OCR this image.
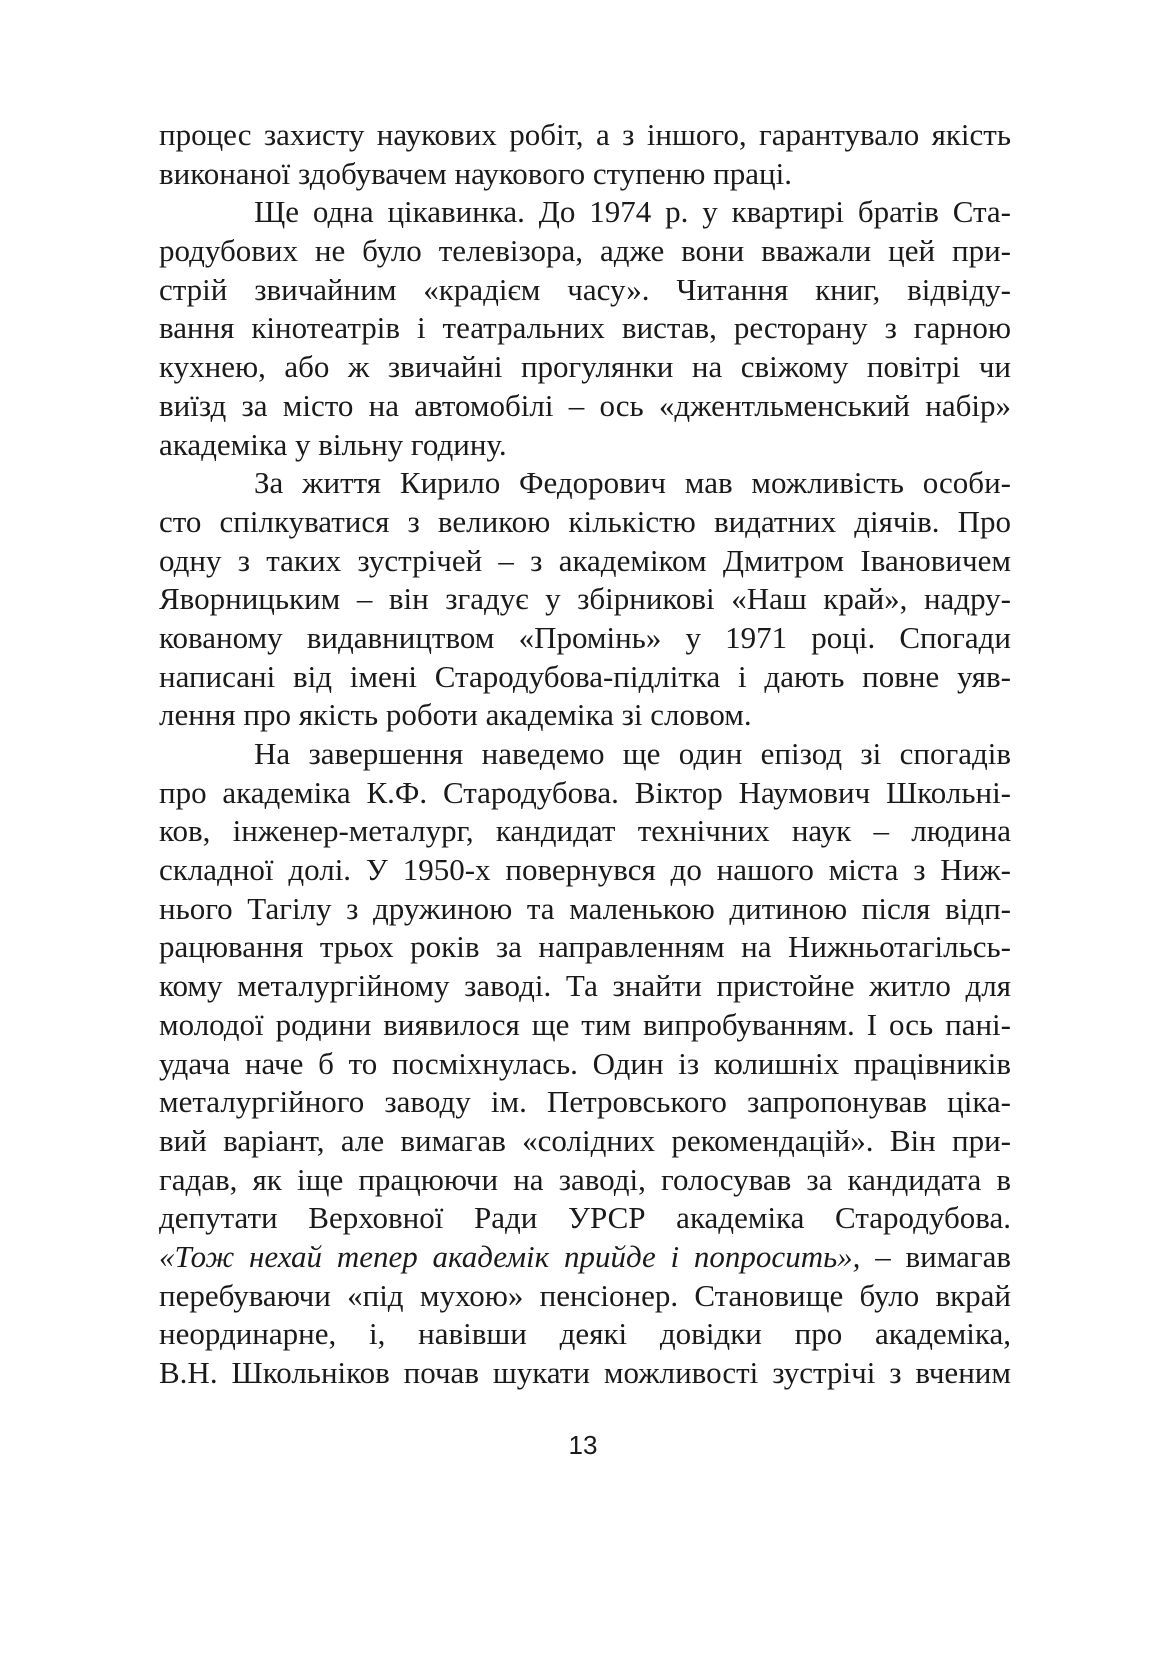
процес захисту наукових робіт, а з іншого, гарантувало якість
виконаної здобувачем наукового ступеню праці.
Ще одна цікавинка. До 1974 р. у квартирі братів Ста-
родубових не було телевізора, адже вони вважали цей при-
стрій звичайним «крадієм часу». Читання книг, відвіду-
вання кінотеатрів і театральних вистав, ресторану з гарною
кухнею, або ж звичайні прогулянки на свіжому повітрі чи
виїзд за місто на автомобілі – ось «джентльменський набір»
академіка у вільну годину.
За життя Кирило Федорович мав можливість особи-
сто спілкуватися з великою кількістю видатних діячів. Про
одну з таких зустрічей – з академіком Дмитром Івановичем
Яворницьким – він згадує у збірникові «Наш край», надру-
кованому видавництвом «Промінь» у 1971 році. Спогади
написані від імені Стародубова-підлітка і дають повне уяв-
лення про якість роботи академіка зі словом.
На завершення наведемо ще один епізод зі спогадів
про академіка К.Ф. Стародубова. Віктор Наумович Школьні-
ков, інженер-металург, кандидат технічних наук – людина
складної долі. У 1950-х повернувся до нашого міста з Ниж-
нього Тагілу з дружиною та маленькою дитиною після відп-
рацювання трьох років за направленням на Нижньотагільсь-
кому металургійному заводі. Та знайти пристойне житло для
молодої родини виявилося ще тим випробуванням. І ось пані-
удача наче б то посміхнулась. Один із колишніх працівників
металургійного заводу ім. Петровського запропонував ціка-
вий варіант, але вимагав «солідних рекомендацій». Він при-
гадав, як іще працюючи на заводі, голосував за кандидата в
депутати Верховної Ради УРСР академіка Стародубова.
«Тож нехай тепер академік прийде і попросить», – вимагав
перебуваючи «під мухою» пенсіонер. Становище було вкрай
неординарне, і, навівши деякі довідки про академіка,
В.Н. Школьніков почав шукати можливості зустрічі з вченим
13
